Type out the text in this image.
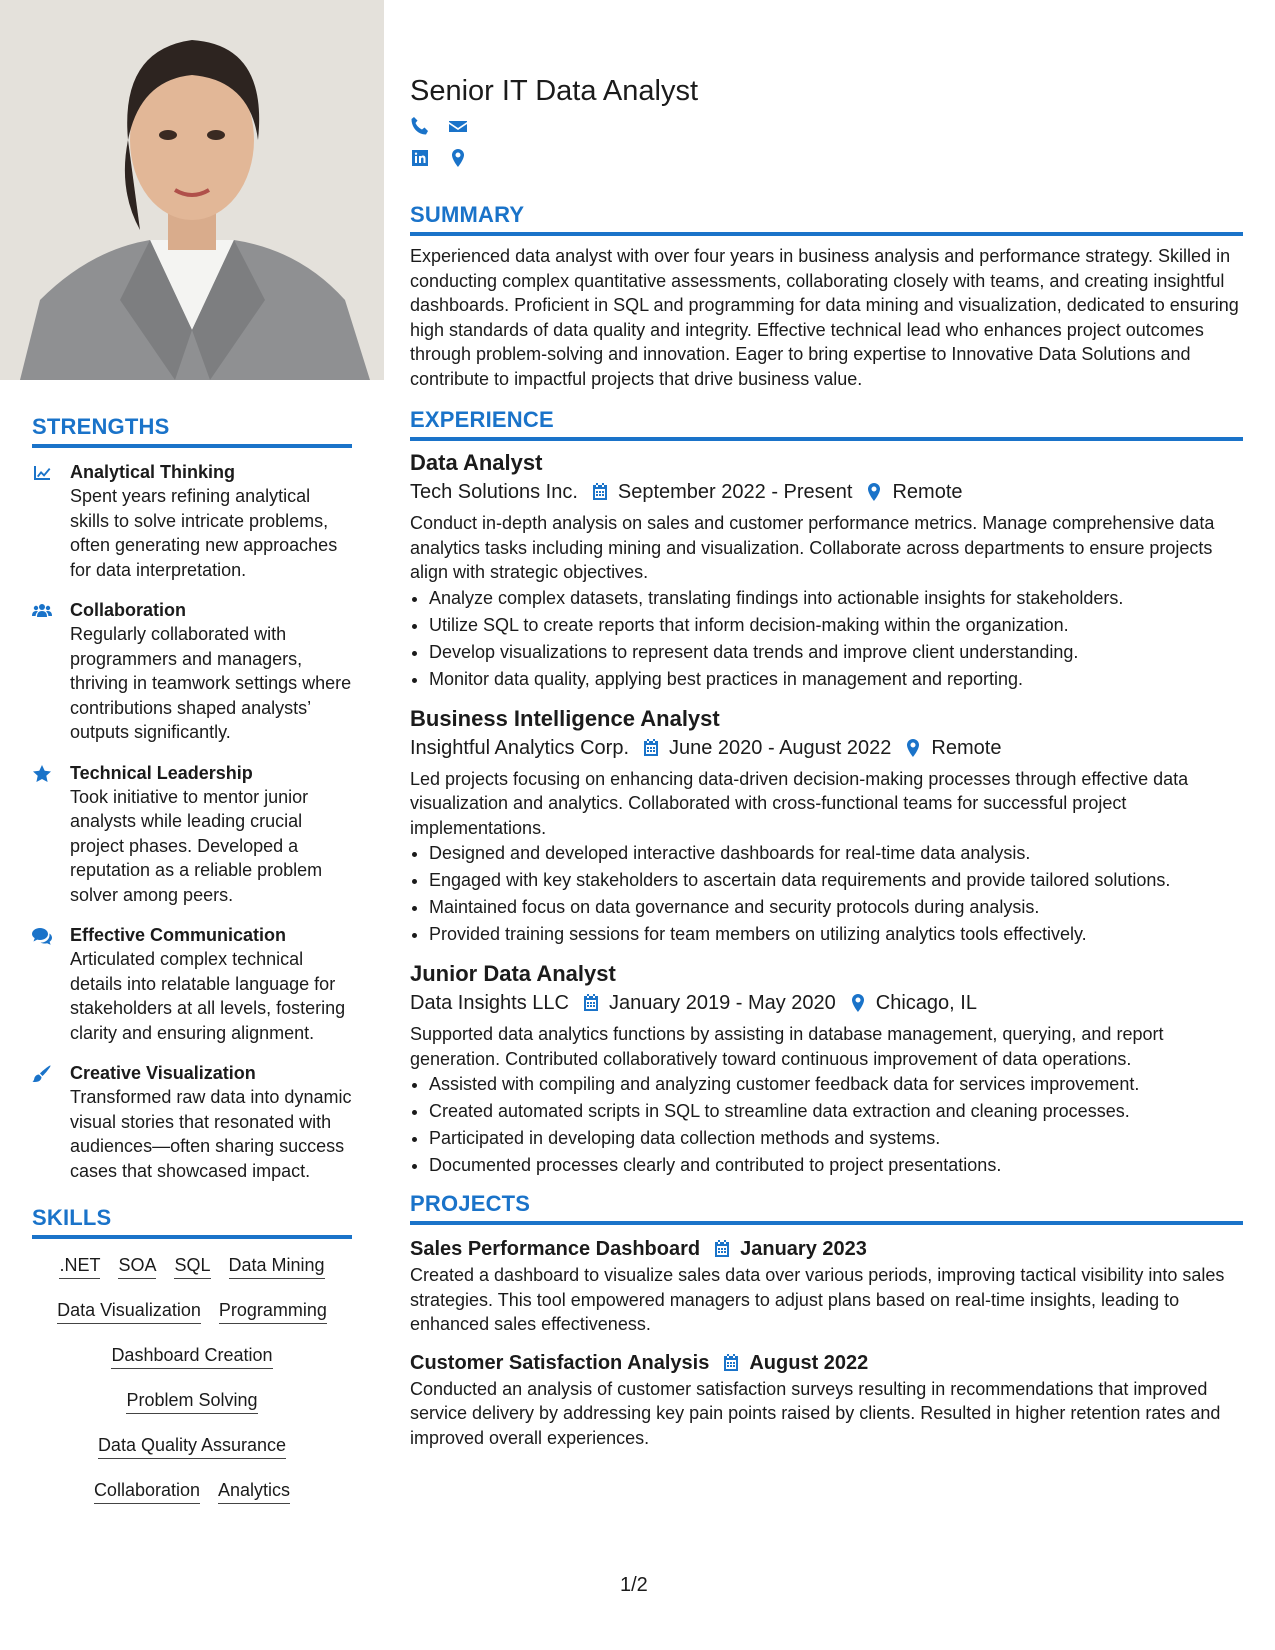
STRENGTHS
Analytical Thinking
Spent years refining analytical skills to solve intricate problems, often generating new approaches for data interpretation.
Collaboration
Regularly collaborated with programmers and managers, thriving in teamwork settings where contributions shaped analysts’ outputs significantly.
Technical Leadership
Took initiative to mentor junior analysts while leading crucial project phases. Developed a reputation as a reliable problem solver among peers.
Effective Communication
Articulated complex technical details into relatable language for stakeholders at all levels, fostering clarity and ensuring alignment.
Creative Visualization
Transformed raw data into dynamic visual stories that resonated with audiences—often sharing success cases that showcased impact.
SKILLS
.NET SOA SQL Data Mining
Data Visualization Programming
Dashboard Creation
Problem Solving
Data Quality Assurance
Collaboration Analytics
Senior IT Data Analyst
SUMMARY

Experienced data analyst with over four years in business analysis and performance strategy. Skilled in conducting complex quantitative assessments, collaborating closely with teams, and creating insightful dashboards. Proficient in SQL and programming for data mining and visualization, dedicated to ensuring high standards of data quality and integrity. Effective technical lead who enhances project outcomes through problem-solving and innovation. Eager to bring expertise to Innovative Data Solutions and contribute to impactful projects that drive business value.

EXPERIENCE
Data Analyst
Tech Solutions Inc. September 2022 - Present Remote

Conduct in-depth analysis on sales and customer performance metrics. Manage comprehensive data analytics tasks including mining and visualization. Collaborate across departments to ensure projects align with strategic objectives.

• Analyze complex datasets, translating findings into actionable insights for stakeholders.
• Utilize SQL to create reports that inform decision-making within the organization.
• Develop visualizations to represent data trends and improve client understanding.
• Monitor data quality, applying best practices in management and reporting.
Business Intelligence Analyst
Insightful Analytics Corp. June 2020 - August 2022 Remote

Led projects focusing on enhancing data-driven decision-making processes through effective data visualization and analytics. Collaborated with cross-functional teams for successful project implementations.

• Designed and developed interactive dashboards for real-time data analysis.
• Engaged with key stakeholders to ascertain data requirements and provide tailored solutions.
• Maintained focus on data governance and security protocols during analysis.
• Provided training sessions for team members on utilizing analytics tools effectively.
Junior Data Analyst
Data Insights LLC January 2019 - May 2020 Chicago, IL

Supported data analytics functions by assisting in database management, querying, and report generation. Contributed collaboratively toward continuous improvement of data operations.

• Assisted with compiling and analyzing customer feedback data for services improvement.
• Created automated scripts in SQL to streamline data extraction and cleaning processes.
• Participated in developing data collection methods and systems.
• Documented processes clearly and contributed to project presentations.
PROJECTS
Sales Performance Dashboard January 2023

Created a dashboard to visualize sales data over various periods, improving tactical visibility into sales strategies. This tool empowered managers to adjust plans based on real-time insights, leading to enhanced sales effectiveness.

Customer Satisfaction Analysis August 2022

Conducted an analysis of customer satisfaction surveys resulting in recommendations that improved service delivery by addressing key pain points raised by clients. Resulted in higher retention rates and improved overall experiences.

1/2
